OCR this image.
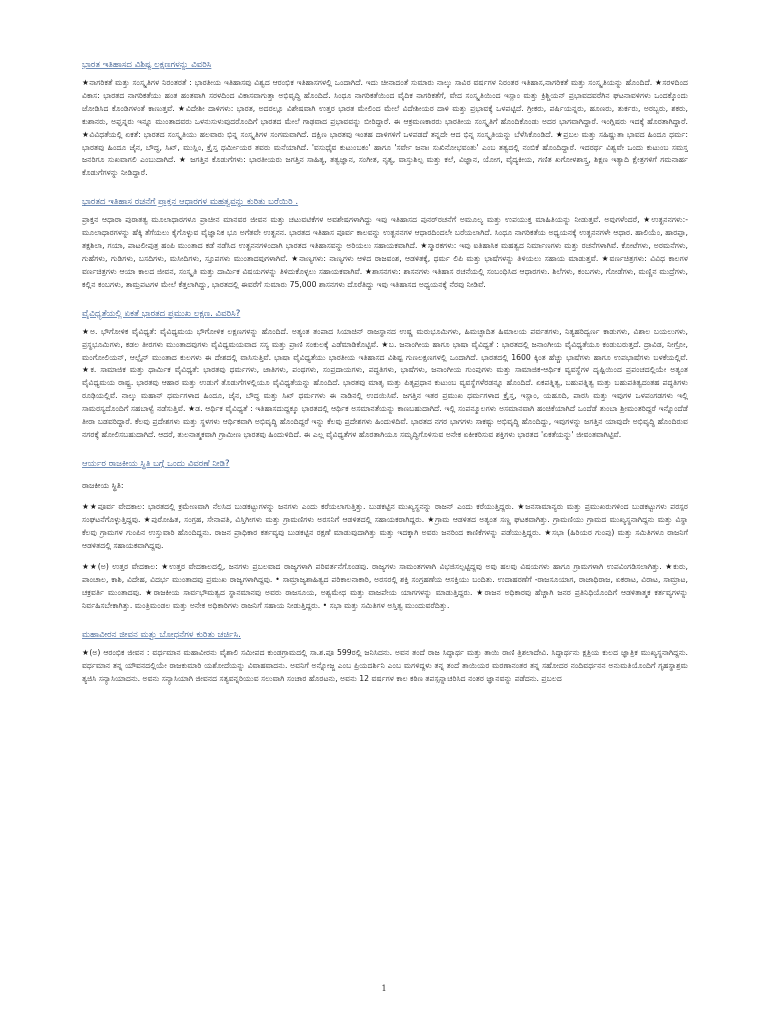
ಭಾರತ ಇತಿಹಾಸದ ವಿಶಿಷ್ಟ ಲಕ್ಷಣಗಳನ್ನು ವಿವರಿಸಿ
★ನಾಗರಿಕತೆ ಮತ್ತು ಸಂಸ್ಕೃತಿಗಳ ನಿರಂತರತೆ : ಭಾರತೀಯ ಇತಿಹಾಸವು ವಿಶ್ವದ ಆರಂಭಿಕ ಇತಿಹಾಸಗಳಲ್ಲಿ ಒಂದಾಗಿದೆ. ಇದು ಚೀನಾದಂತೆ ಸುಮಾರು ನಾಲ್ಕು ಸಾವಿರ ವರ್ಷಗಳ ನಿರಂತರ ಇತಿಹಾಸ,ನಾಗರಿಕತೆ ಮತ್ತು ಸಂಸ್ಕೃತಿಯನ್ನು ಹೊಂದಿದೆ. ★ಸರಳದಿಂದ ವಿಕಾಸ: ಭಾರತದ ನಾಗರಿಕತೆಯು ಹಂತ ಹಂತವಾಗಿ ಸರಳದಿಂದ ವಿಕಾಸವಾಗುತ್ತಾ ಅಭಿವೃದ್ಧಿ ಹೊಂದಿದೆ. ಸಿಂಧೂ ನಾಗರಿಕತೆಯಿಂದ ವೈದಿಕ ನಾಗರಿಕತೆಗೆ, ವೇದ ಸಂಸ್ಕೃತಿಯಿಂದ ಇಸ್ಲಾಂ ಮತ್ತು ಕ್ರಿಶ್ಚಿಯನ್ ಪ್ರಭಾವದವರೆಗಿನ ಘಟನಾವಳಿಗಳು ಒಂದಕ್ಕೊಂದು ಜೋಡಿಸಿದ ಕೊಂಡಿಗಳಂತೆ ಕಾಣುತ್ತವೆ. ★ವಿದೇಶೀ ದಾಳಿಗಳು: ಭಾರತ, ಅದರಲ್ಲೂ ವಿಶೇಷವಾಗಿ ಉತ್ತರ ಭಾರತ ಮೇಲಿಂದ ಮೇಲೆ ವಿದೇಶೀಯರ ದಾಳಿ ಮತ್ತು ಪ್ರಭಾವಕ್ಕೆ ಒಳಪಟ್ಟಿದೆ. ಗ್ರೀಕರು, ಪರ್ಷಿಯನ್ನರು, ಹೂಣರು, ತುರ್ಕರು, ಅರಬ್ಬರು, ಶಕರು, ಕುಶಾನರು, ಅಫ್ಘನ್ನರು ಇನ್ನೂ ಮುಂತಾದವರು ಒಳನುಸುಳುವುದರೊಂದಿಗೆ ಭಾರತದ ಮೇಲೆ ಗಾಢವಾದ ಪ್ರಭಾವವನ್ನು ಬೀರಿದ್ದಾರೆ. ಈ ಆಕ್ರಮಣಕಾರರು ಭಾರತೀಯ ಸಂಸ್ಕೃತಿಗೆ ಹೊಂದಿಕೊಂಡು ಅದರ ಭಾಗವಾಗಿದ್ದಾರೆ. ಇಂಗ್ಲಿಷರು ಇದಕ್ಕೆ ಹೊರತಾಗಿದ್ದಾರೆ. ★ವಿವಿಧತೆಯಲ್ಲಿ ಏಕತೆ: ಭಾರತದ ಸಂಸ್ಕೃತಿಯು ಹಲವಾರು ಭಿನ್ನ ಸಂಸ್ಕೃತಿಗಳ ಸಂಗಮವಾಗಿದೆ. ದಕ್ಷಿಣ ಭಾರತವು ಇಂತಹ ದಾಳಿಗಳಿಗೆ ಒಳಪಡದೆ ತನ್ನದೇ ಆದ ಭಿನ್ನ ಸಂಸ್ಕೃತಿಯನ್ನು ಬೆಳೆಸಿಕೊಂಡಿದೆ. ★ಪ್ರಬಲ ಮತ್ತು ಸಹಿಷ್ಣುತಾ ಭಾವದ ಹಿಂದೂ ಧರ್ಮ: ಭಾರತವು ಹಿಂದೂ ಜೈನ, ಬೌದ್ಧ, ಸಿಖ್, ಮುಸ್ಲಿಂ, ಕ್ರೈಸ್ತ ಧರ್ಮೀಯರ ತವರು ಮನೆಯಾಗಿದೆ. 'ವಸುಧೈವ ಕುಟುಂಬಕಂ' ಹಾಗೂ 'ಸರ್ವೇ ಜನಾಃ ಸುಖಿನೋಭವಂತು' ಎಂಬ ತತ್ವದಲ್ಲಿ ನಂಬಿಕೆ ಹೊಂದಿದ್ದಾರೆ. ಇದರರ್ಥ ವಿಶ್ವವೇ ಒಂದು ಕುಟುಂಬ ಸಮಸ್ತ ಜನರಿಗೂ ಸುಖವಾಗಲಿ ಎಂಬುದಾಗಿದೆ. ★ ಜಗತ್ತಿನ ಕೊಡುಗೆಗಳು: ಭಾರತೀಯರು ಜಗತ್ತಿನ ಸಾಹಿತ್ಯ, ತತ್ವಜ್ಞಾನ, ಸಂಗೀತ, ನೃತ್ಯ, ವಾಸ್ತುಶಿಲ್ಪ ಮತ್ತು ಕಲೆ, ವಿಜ್ಞಾನ, ಯೋಗ, ವೈದ್ಯಕೀಯ, ಗಣಿತ ಖಗೋಳಶಾಸ್ತ್ರ, ಶಿಕ್ಷಣ ಇತ್ಯಾದಿ ಕ್ಷೇತ್ರಗಳಿಗೆ ಗಮನಾರ್ಹ ಕೊಡುಗೆಗಳನ್ನು ನೀಡಿದ್ದಾರೆ.
ಭಾರತದ ಇತಿಹಾಸ ರಚನೆಗೆ ಪ್ರಾಕ್ತನ ಆಧಾರಗಳ ಮಹತ್ವವನ್ನು ಕುರಿತು ಬರೆಯಿರಿ .
ಪ್ರಾಕ್ತನ ಆಧಾರಾ ಪುರಾತತ್ವ ಮೂಲಾಧಾರಗಳೂ ಪ್ರಾಚೀನ ಮಾನವರ ಜೀವನ ಮತ್ತು ಚಟುವಟಿಕೆಗಳ ಅವಶೇಷಗಳಾಗಿದ್ದು ಇವು ಇತಿಹಾಸದ ಪುನರ್‌ರಚನೆಗೆ ಅಮೂಲ್ಯ ಮತ್ತು ಉಪಯುಕ್ತ ಮಾಹಿತಿಯನ್ನು ನೀಡುತ್ತವೆ. ಅವುಗಳೆಂದರೆ, ★ಉತ್ಖನನಗಳು:-ಮೂಲಾಧಾರಗಳನ್ನು ಹೆಕ್ಕಿ ತೆಗೆಯಲು ಕೈಗೊಳ್ಳುವ ವೈಜ್ಞಾನಿಕ ಭೂ ಅಗೆತವೇ ಉತ್ಖನನ. ಭಾರತದ ಇತಿಹಾಸ ಪೂರ್ವ ಕಾಲವನ್ನು ಉತ್ಖನನಗಳ ಆಧಾರದಿಂದಲೇ ಬರೆಯಲಾಗಿದೆ. ಸಿಂಧೂ ನಾಗರಿಕತೆಯ ಅಧ್ಯಯನಕ್ಕೆ ಉತ್ಖನನಗಳೇ ಆಧಾರ. ಹಾಲಿಯೆಂ, ಹಾರಪ್ಪಾ, ತಕ್ಷಶಿಲಾ, ಗಯಾ, ಪಾಟಲೀಪುತ್ರ ಹಂಪಿ ಮುಂತಾದ ಕಡೆ ನಡೆಸಿದ ಉತ್ಖನನಗಳಿಂದಾಗಿ ಭಾರತದ ಇತಿಹಾಸವನ್ನು ಅರಿಯಲು ಸಹಾಯಕವಾಗಿದೆ. ★ಸ್ಮಾರಕಗಳು: ಇವು ಐತಿಹಾಸಿಕ ಮಹತ್ವದ ನಿರ್ಮಾಣಗಳು ಮತ್ತು ರಚನೆಗಳಾಗಿವೆ. ಕೋಟೆಗಳು, ಅರಮನೆಗಳು, ಗುಹೆಗಳು, ಗುಡಿಗಳು, ಬಸದಿಗಳು, ಮಸೀದಿಗಳು, ಸ್ತೂಪಗಳು ಮುಂತಾದವುಗಳಾಗಿವೆ. ★ನಾಣ್ಯಗಳು: ನಾಣ್ಯಗಳು ಆಳಿದ ರಾಜವಂಶ, ಆಡಳಿತಕ್ಕೆ, ಧರ್ಮ ಲಿಪಿ ಮತ್ತು ಭಾಷೆಗಳನ್ನು ತಿಳಿಯಲು ಸಹಾಯ ಮಾಡುತ್ತವೆ. ★ವರ್ಣಚಿತ್ರಗಳು: ವಿವಿಧ ಕಾಲಗಳ ವರ್ಣಚಿತ್ರಗಳು ಆಯಾ ಕಾಲದ ಜೀವನ, ಸಂಸ್ಕೃತಿ ಮತ್ತು ದಾರ್ಮಿಕ ವಿಷಯಗಳನ್ನು ತಿಳಿದುಕೊಳ್ಳಲು ಸಹಾಯಕವಾಗಿವೆ. ★ಶಾಸನಗಳು: ಶಾಸನಗಳು ಇತಿಹಾಸ ರಚನೆಯಲ್ಲಿ ಸಂಬಂಧಿಸಿದ ಆಧಾರಗಳು. ಶಿಲೆಗಳು, ಕಂಬಗಳು, ಗೋಡೆಗಳು, ಮಣ್ಣಿನ ಮುದ್ರೆಗಳು, ಕಲ್ಲಿನ ಕಂಬಗಳು, ತಾಮ್ರಪಟಗಳ ಮೇಲೆ ಕೆತ್ತಲಾಗಿದ್ದು, ಭಾರತದಲ್ಲಿ ಈವರೆಗೆ ಸುಮಾರು 75,000 ಶಾಸನಗಳು ದೊರೆತಿದ್ದು ಇವು ಇತಿಹಾಸದ ಅಧ್ಯಯನಕ್ಕೆ ನೆರವು ನೀಡಿವೆ.
ವೈವಿಧ್ಯತೆಯಲ್ಲಿ ಏಕತೆ ಭಾರತದ ಪ್ರಮುಖ ಲಕ್ಷಣ. ವಿವರಿಸಿ?
★ಅ. ಭೌಗೋಳಿಕ ವೈವಿಧ್ಯತೆ: ವೈವಿಧ್ಯಮಯ ಭೌಗೋಳಿಕ ಲಕ್ಷಣಗಳನ್ನು ಹೊಂದಿದೆ. ಅತ್ಯಂತ ತಂಪಾದ ಸಿಯಾಚಿನ್ ರಾಜಸ್ಥಾನದ ಉಷ್ಣ ಮರುಭೂಮಿಗಳು, ಹಿಮಚ್ಛಾದಿತ ಹಿಮಾಲಯ ಪರ್ವತಗಳು, ನಿತ್ಯಹರಿದ್ವರ್ಣ ಕಾಡುಗಳು, ವಿಶಾಲ ಬಯಲುಗಳು, ಪ್ರಸ್ಥಭೂಮಿಗಳು, ಕಡಲ ತೀರಗಳು ಮುಂತಾದವುಗಳು ವೈವಿಧ್ಯಮಯವಾದ ಸಸ್ಯ ಮತ್ತು ಪ್ರಾಣಿ ಸಂಕುಲಕ್ಕೆ ಎಡೆಮಾಡಿಕೊಟ್ಟಿವೆ. ★ಬ. ಜನಾಂಗೀಯ ಹಾಗೂ ಭಾಷಾ ವೈವಿಧ್ಯತೆ : ಭಾರತದಲ್ಲಿ ಜನಾಂಗೀಯ ವೈವಿಧ್ಯತೆಯೂ ಕಂಡುಬರುತ್ತದೆ. ದ್ರಾವಿಡ, ನೀಗ್ರೋ, ಮಂಗೋಲಿಯನ್, ಆಲ್ಪೈನ್ ಮುಂತಾದ ಕುಲಗಳು ಈ ದೇಶದಲ್ಲಿ ವಾಸಿಸುತ್ತಿವೆ. ಭಾಷಾ ವೈವಿಧ್ಯತೆಯು ಭಾರತೀಯ ಇತಿಹಾಸದ ವಿಶಿಷ್ಟ ಗುಣಲಕ್ಷಣಗಳಲ್ಲಿ ಒಂದಾಗಿದೆ. ಭಾರತದಲ್ಲಿ 1600 ಕ್ಕಿಂತ ಹೆಚ್ಚು ಭಾಷೆಗಳು ಹಾಗೂ ಉಪಭಾಷೆಗಳು ಬಳಕೆಯಲ್ಲಿವೆ. ★ಕ. ಸಾಮಾಜಿಕ ಮತ್ತು ಧಾರ್ಮಿಕ ವೈವಿಧ್ಯತೆ: ಭಾರತವು ಧರ್ಮಗಳು, ಜಾತಿಗಳು, ಪಂಥಗಳು, ಸಂಪ್ರದಾಯಗಳು, ಪದ್ಧತಿಗಳು, ಭಾಷೆಗಳು, ಜನಾಂಗೀಯ ಗುಂಪುಗಳು ಮತ್ತು ಸಾಮಾಜಿಕ-ಆರ್ಥಿಕ ವ್ಯವಸ್ಥೆಗಳ ದೃಷ್ಟಿಯಿಂದ ಪ್ರಪಂಚದಲ್ಲಿಯೇ ಅತ್ಯಂತ ವೈವಿಧ್ಯಮಯ ರಾಷ್ಟ್ರ. ಭಾರತವು ಆಹಾರ ಮತ್ತು ಉಡುಗೆ ತೊಡುಗೆಗಳಲ್ಲಿಯೂ ವೈವಿಧ್ಯತೆಯನ್ನು ಹೊಂದಿದೆ. ಭಾರತವು ಮಾತೃ ಮತ್ತು ಪಿತೃಪ್ರಧಾನ ಕುಟುಂಬ ವ್ಯವಸ್ಥೆಗಳೆರಡನ್ನೂ ಹೊಂದಿದೆ. ಏಕಪತ್ನಿತ್ವ, ಬಹುಪತ್ನಿತ್ವ ಮತ್ತು ಬಹುಪತಿತ್ವದಂತಹ ಪದ್ಧತಿಗಳು ರೂಢಿಯಲ್ಲಿವೆ. ನಾಲ್ಕು ಮಹಾನ್ ಧರ್ಮಗಳಾದ ಹಿಂದೂ, ಜೈನ, ಬೌದ್ಧ ಮತ್ತು ಸಿಖ್ ಧರ್ಮಗಳು ಈ ನಾಡಿನಲ್ಲಿ ಉದಯಿಸಿವೆ. ಜಗತ್ತಿನ ಇತರ ಪ್ರಮುಖ ಧರ್ಮಗಳಾದ ಕ್ರೈಸ್ತ, ಇಸ್ಲಾಂ, ಯಹೂದಿ, ಪಾರಸಿ ಮತ್ತು ಇವುಗಳ ಒಳಪಂಗಡಗಳು ಇಲ್ಲಿ ಸಾಮರಸ್ಯದೊಂದಿಗೆ ಸಹಬಾಳ್ವೆ ನಡೆಸುತ್ತಿವೆ. ★ಡ. ಆರ್ಥಿಕ ವೈವಿಧ್ಯತೆ : ಇತಿಹಾಸದುದ್ದಕ್ಕೂ ಭಾರತದಲ್ಲಿ ಆರ್ಥಿಕ ಅಸಮಾನತೆಯನ್ನು ಕಾಣಬಹುದಾಗಿದೆ. ಇಲ್ಲಿ ಸಂಪನ್ಮೂಲಗಳು ಅಸಮಾನವಾಗಿ ಹಂಚಿಕೆಯಾಗಿದೆ ಒಂದೆಡೆ ತುಂಬಾ ಶ್ರೀಮಂತರಿದ್ದರೆ ಇನ್ನೊಂದೆಡೆ ತೀರಾ ಬಡವರಿದ್ದಾರೆ. ಕೆಲವು ಪ್ರದೇಶಗಳು ಮತ್ತು ಸ್ಥಳಗಳು ಆರ್ಥಿಕವಾಗಿ ಅಭಿವೃದ್ಧಿ ಹೊಂದಿದ್ದರೆ ಇನ್ನು ಕೆಲವು ಪ್ರದೇಶಗಳು ಹಿಂದುಳಿದಿವೆ. ಭಾರತದ ನಗರ ಭಾಗಗಳು ಸಾಕಷ್ಟು ಅಭಿವೃದ್ಧಿ ಹೊಂದಿದ್ದು, ಇವುಗಳನ್ನು ಜಗತ್ತಿನ ಯಾವುದೇ ಅಭಿವೃದ್ಧಿ ಹೊಂದಿರುವ ನಗರಕ್ಕೆ ಹೋಲಿಸಬಹುದಾಗಿದೆ. ಆದರೆ, ತುಲನಾತ್ಮಕವಾಗಿ ಗ್ರಾಮೀಣ ಭಾರತವು ಹಿಂದುಳಿದಿದೆ. ಈ ಎಲ್ಲ ವೈವಿಧ್ಯತೆಗಳ ಹೊರತಾಗಿಯೂ ಸಮೃದ್ಧಿಗೊಳಿಸುವ ಅನೇಕ ಏಕೀಕರಿಸುವ ಶಕ್ತಿಗಳು ಭಾರತದ 'ಏಕತೆಯನ್ನು' ಜೀವಂತವಾಗಿಟ್ಟಿವೆ.
ಆರ್ಯರ ರಾಜಕೀಯ ಸ್ಥಿತಿ ಬಗ್ಗೆ ಒಂದು ವಿವರಣೆ ನೀಡಿ?
ರಾಜಕೀಯ ಸ್ಥಿತಿ:
★★ಪೂರ್ವ ವೇದಕಾಲ: ಭಾರತದಲ್ಲಿ ಕ್ರಮೇಣವಾಗಿ ನೆಲಸಿದ ಬುಡಕಟ್ಟುಗಳನ್ನು ಜನಗಳು ಎಂದು ಕರೆಯಲಾಗುತ್ತಿತ್ತು. ಬುಡಕಟ್ಟಿನ ಮುಖ್ಯಸ್ಥನನ್ನು ರಾಜನ್ ಎಂದು ಕರೆಯುತ್ತಿದ್ದರು. ★ಜನಸಾಮಾನ್ಯರು ಮತ್ತು ಪ್ರಮುಖರುಗಳಿಂದ ಬುಡಕಟ್ಟುಗಳು ಪರಸ್ಪರ ಸಂಘಟನೆಗೊಳ್ಳುತ್ತಿದ್ದವು. ★ಪುರೋಹಿತ, ಸಂಗ್ರಹ, ಸೇನಾಪತಿ, ವಿಸ್ತಿಗೀಗಳು ಮತ್ತು ಗ್ರಾಮಣಿಗಳು ಅರಸನಿಗೆ ಆಡಳಿತದಲ್ಲಿ ಸಹಾಯಕರಾಗಿದ್ದರು. ★ಗ್ರಾಮ ಆಡಳಿತದ ಅತ್ಯಂತ ಸಣ್ಣ ಘಟಕವಾಗಿತ್ತು. ಗ್ರಾಮಣಿಯು ಗ್ರಾಮದ ಮುಖ್ಯಸ್ಥನಾಗಿದ್ದನು ಮತ್ತು ವಿಸ್ಥಾ ಕೆಲವು ಗ್ರಾಮಗಳ ಗುಂಪಿನ ಉಸ್ತುವಾರಿ ಹೊಂದಿದ್ದನು. ರಾಜನ ಪ್ರಾಧಿಕಾರ ಕರ್ತವ್ಯವು ಬುಡಕಟ್ಟಿನ ರಕ್ಷಣೆ ಮಾಡುವುದಾಗಿತ್ತು ಮತ್ತು ಇದಕ್ಕಾಗಿ ಅವರು ಜನರಿಂದ ಕಾಣಿಕೆಗಳನ್ನು ಪಡೆಯುತ್ತಿದ್ದರು. ★ಸಭಾ (ಹಿರಿಯರ ಗುಂಪು) ಮತ್ತು ಸಮಿತಿಗಳೂ ರಾಜನಿಗೆ ಆಡಳಿತದಲ್ಲಿ ಸಹಾಯಕವಾಗಿದ್ದವು.
★★(ಅ) ಉತ್ತರ ವೇದಕಾಲ: ★ಉತ್ತರ ವೇದಕಾಲದಲ್ಲಿ, ಜನಗಳು ಪ್ರಬಲವಾದ ರಾಜ್ಯಗಳಾಗಿ ಪರಿವರ್ತನೆಗೊಂಡವು. ರಾಜ್ಯಗಳು ಸಾಮಂತಗಳಾಗಿ ವಿಭಜಿಸಲ್ಪಟ್ಟಿದ್ದವು ಅವು ಹಲವು ವಿಷಯಗಳು ಹಾಗೂ ಗ್ರಾಮಗಳಾಗಿ ಉಪವಿಂಗಡಿಸಲಾಗಿತ್ತು. ★ಕುರು, ಪಾಂಚಾಲ, ಕಾಶಿ, ವಿದೇಹ, ವಿದರ್ಭ ಮುಂತಾದವು ಪ್ರಮುಖ ರಾಜ್ಯಗಳಾಗಿದ್ದವು. • ಸಾಮ್ರಾಜ್ಯಶಾಹಿತ್ವದ ಪರಿಕಾಲನಾಕಾರಿ, ಅರಸರಲ್ಲಿ ಶಕ್ತಿ ಸಂಗ್ರಹಣೆಯ ಆಸಕ್ತಿಯು ಬಂದಿತು. ಉದಾಹರಣೆಗೆ -ರಾಜಸೂಯಾಗ, ರಾಜಾಧಿರಾಜ, ಏಕರಾಟ, ವಿರಾಟ, ಸಾಮ್ರಾಟ, ಚಕ್ರವರ್ತಿ ಮುಂತಾದವು. ★ರಾಜಕೀಯ ಸಾರ್ವಭೌಮತ್ವದ ಸ್ಥಾನಮಾನವು ಅವರು ರಾಜಸೂಯ, ಅಶ್ವಮೇಧ ಮತ್ತು ವಾಜಪೇಯ ಯಾಗಗಳನ್ನು ಮಾಡುತ್ತಿದ್ದರು. ★ರಾಜನ ಅಧಿಕಾರವು ಹೆಚ್ಚಾಗಿ ಜನರ ಪ್ರತಿನಿಧಿಯೊಂದಿಗೆ ಆಡಳಿತಾತ್ಮಕ ಕರ್ತವ್ಯಗಳನ್ನು ನಿರ್ವಹಿಸಬೇಕಾಗಿತ್ತು. ಮಂತ್ರಿಮಂಡಲ ಮತ್ತು ಅನೇಕ ಅಧಿಕಾರಿಗಳು ರಾಜನಿಗೆ ಸಹಾಯ ನೀಡುತ್ತಿದ್ದರು. • ಸಭಾ ಮತ್ತು ಸಮಿತಿಗಳ ಅಸ್ತಿತ್ವ ಮುಂದುವರೆದಿತ್ತು.
ಮಹಾವೀರನ ಜೀವನ ಮತ್ತು ಬೋಧನೆಗಳ ಕುರಿತು ಚರ್ಚಿಸಿ.
★(ಅ) ಆರಂಭಿಕ ಜೀವನ : ವರ್ಧಮಾನ ಮಹಾವೀರನು ವೈಶಾಲಿ ಸಮೀಪದ ಕುಂಡಗ್ರಾಮದಲ್ಲಿ ಸಾ.ಶ.ಪೂ 599ರಲ್ಲಿ ಜನಿಸಿದನು. ಅವನ ತಂದೆ ರಾಜ ಸಿದ್ಧಾರ್ಥ ಮತ್ತು ತಾಯಿ ರಾಣಿ ತ್ರಿಶಲಾದೇವಿ. ಸಿದ್ಧಾರ್ಥನು ಕ್ಷತ್ರಿಯ ಕುಲದ ಜ್ಞಾತ್ರಿಕ ಮುಖ್ಯಸ್ಥನಾಗಿದ್ದನು. ವರ್ಧಮಾನ ತನ್ನ ಯೌವನದಲ್ಲಿಯೇ ರಾಜಕುಮಾರಿ ಯಶೋದೆಯನ್ನು ವಿವಾಹವಾದನು. ಅವನಿಗೆ ಅನ್ನೋಜ್ಜ ಎಂಬ ಪ್ರಿಯದರ್ಶಿನಿ ಎಂಬ ಮಗಳಿದ್ದಳು ತನ್ನ ತಂದೆ ತಾಯಿಯರ ಮರಣಾನಂತರ ತನ್ನ ಸಹೋದರ ನಂದಿವರ್ಧನನ ಅನುಮತಿಯೊಂದಿಗೆ ಗೃಹಸ್ಥಾಶ್ರಮ ತ್ಯಜಿಸಿ ಸನ್ಯಾಸಿಯಾದನು. ಅವನು ಸನ್ಯಾಸಿಯಾಗಿ ಜೀವನದ ಸತ್ಯವನ್ನರಿಯುವ ಸಲುವಾಗಿ ಸಂಚಾರ ಹೊರಟನು, ಅವನು 12 ವರ್ಷಗಳ ಕಾಲ ಕಠಿಣ ತಪಸ್ಸನ್ನಾಚರಿಸಿದ ನಂತರ ಜ್ಞಾನವನ್ನು ಪಡೆದನು. ಪ್ರಬಲದ
1
